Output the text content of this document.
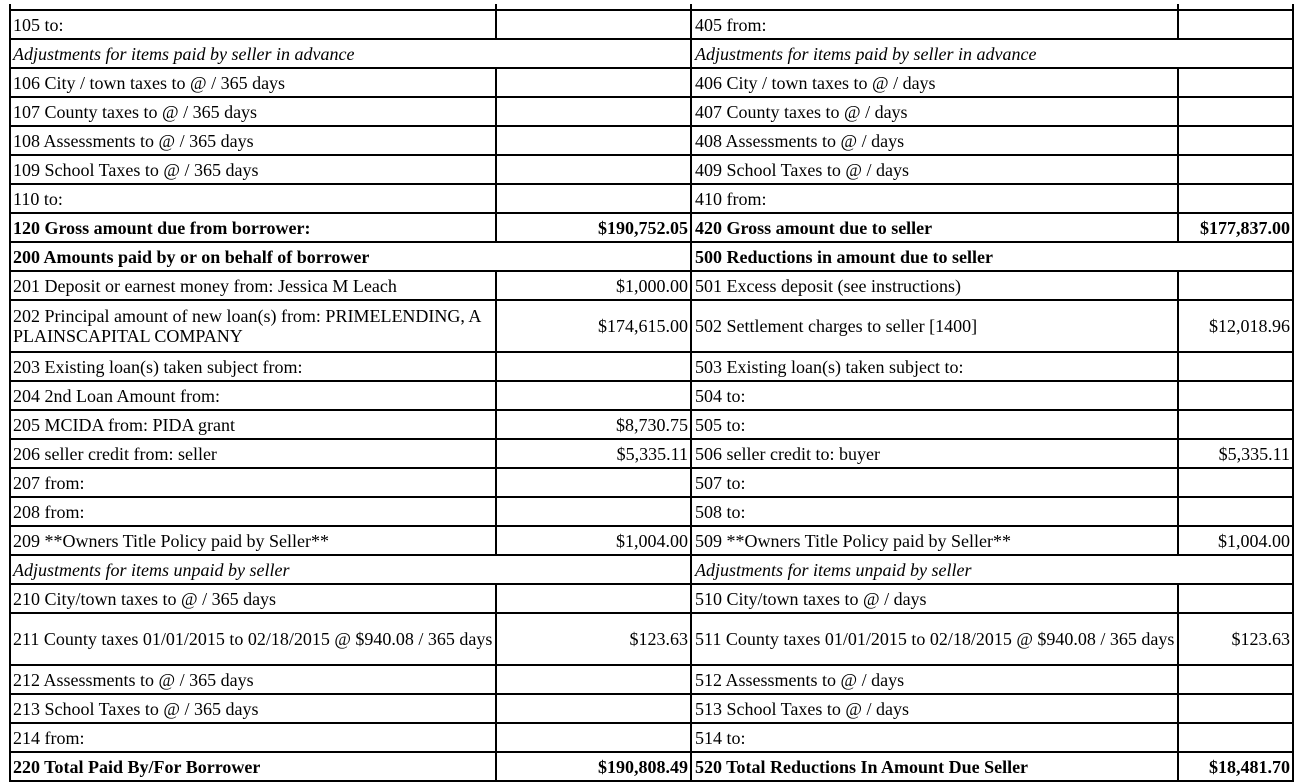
105 to:	405 from:
Adjustments for items paid by seller in advance	Adjustments for items paid by seller in advance
106 City / town taxes to @ / 365 days	406 City / town taxes to @ / days
107 County taxes to @ / 365 days	407 County taxes to @ / days
108 Assessments to @ / 365 days	408 Assessments to @ / days
109 School Taxes to @ / 365 days	409 School Taxes to @ / days
110 to:	410 from:
120 Gross amount due from borrower:	$190,752.05 420 Gross amount due to seller	$177,837.00
200 Amounts paid by or on behalf of borrower	500 Reductions in amount due to seller
201 Deposit or earnest money from: Jessica M Leach	$1,000.00 501 Excess deposit (see instructions)
202 Principal amount of new loan(s) from: PRIMELENDING, A PLAINSCAPITAL COMPANY	$174,615.00 502 Settlement charges to seller [1400]	$12,018.96
203 Existing loan(s) taken subject from:	503 Existing loan(s) taken subject to:
204 2nd Loan Amount from:	504 to:
205 MCIDA from: PIDA grant	$8,730.75 505 to:
206 seller credit from: seller	$5,335.11 506 seller credit to: buyer	$5,335.11
207 from:	507 to:
208 from:	508 to:
209 **Owners Title Policy paid by Seller**	$1,004.00 509 **Owners Title Policy paid by Seller**	$1,004.00
Adjustments for items unpaid by seller	Adjustments for items unpaid by seller
210 City/town taxes to @ / 365 days	510 City/town taxes to @ / days
211 County taxes 01/01/2015 to 02/18/2015 @ $940.08 / 365 days	$123.63 511 County taxes 01/01/2015 to 02/18/2015 @ $940.08 / 365 days	$123.63
212 Assessments to @ / 365 days	512 Assessments to @ / days
213 School Taxes to @ / 365 days	513 School Taxes to @ / days
214 from:	514 to:
220 Total Paid By/For Borrower	$190,808.49 520 Total Reductions In Amount Due Seller	$18,481.70
